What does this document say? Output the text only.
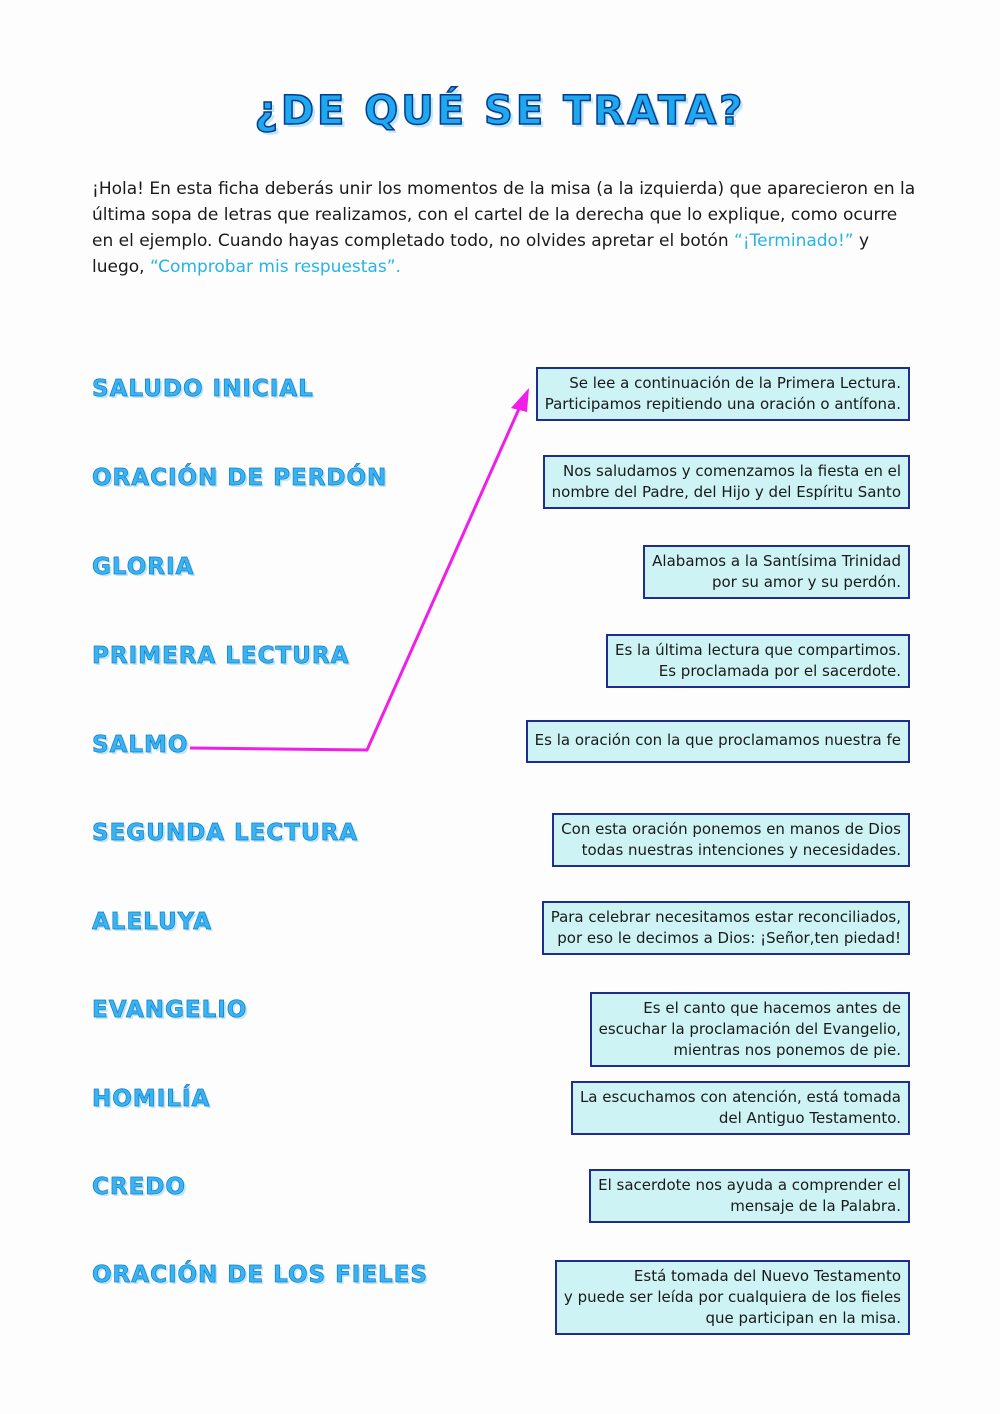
¿DE QUÉ SE TRATA?

¡Hola! En esta ficha deberás unir los momentos de la misa (a la izquierda) que aparecieron en la última sopa de letras que realizamos, con el cartel de la derecha que lo explique, como ocurre en el ejemplo. Cuando hayas completado todo, no olvides apretar el botón “¡Terminado!” y luego, “Comprobar mis respuestas”.

SALUDO INICIAL
ORACIÓN DE PERDÓN
GLORIA
PRIMERA LECTURA
SALMO
SEGUNDA LECTURA
ALELUYA
EVANGELIO
HOMILÍA
CREDO
ORACIÓN DE LOS FIELES
Se lee a continuación de la Primera Lectura.
Participamos repitiendo una oración o antífona.
Nos saludamos y comenzamos la fiesta en el
nombre del Padre, del Hijo y del Espíritu Santo
Alabamos a la Santísima Trinidad
por su amor y su perdón.
Es la última lectura que compartimos.
Es proclamada por el sacerdote.
Es la oración con la que proclamamos nuestra fe
Con esta oración ponemos en manos de Dios
todas nuestras intenciones y necesidades.
Para celebrar necesitamos estar reconciliados,
por eso le decimos a Dios: ¡Señor,ten piedad!
Es el canto que hacemos antes de
escuchar la proclamación del Evangelio,
mientras nos ponemos de pie.
La escuchamos con atención, está tomada
del Antiguo Testamento.
El sacerdote nos ayuda a comprender el
mensaje de la Palabra.
Está tomada del Nuevo Testamento
y puede ser leída por cualquiera de los fieles
que participan en la misa.
